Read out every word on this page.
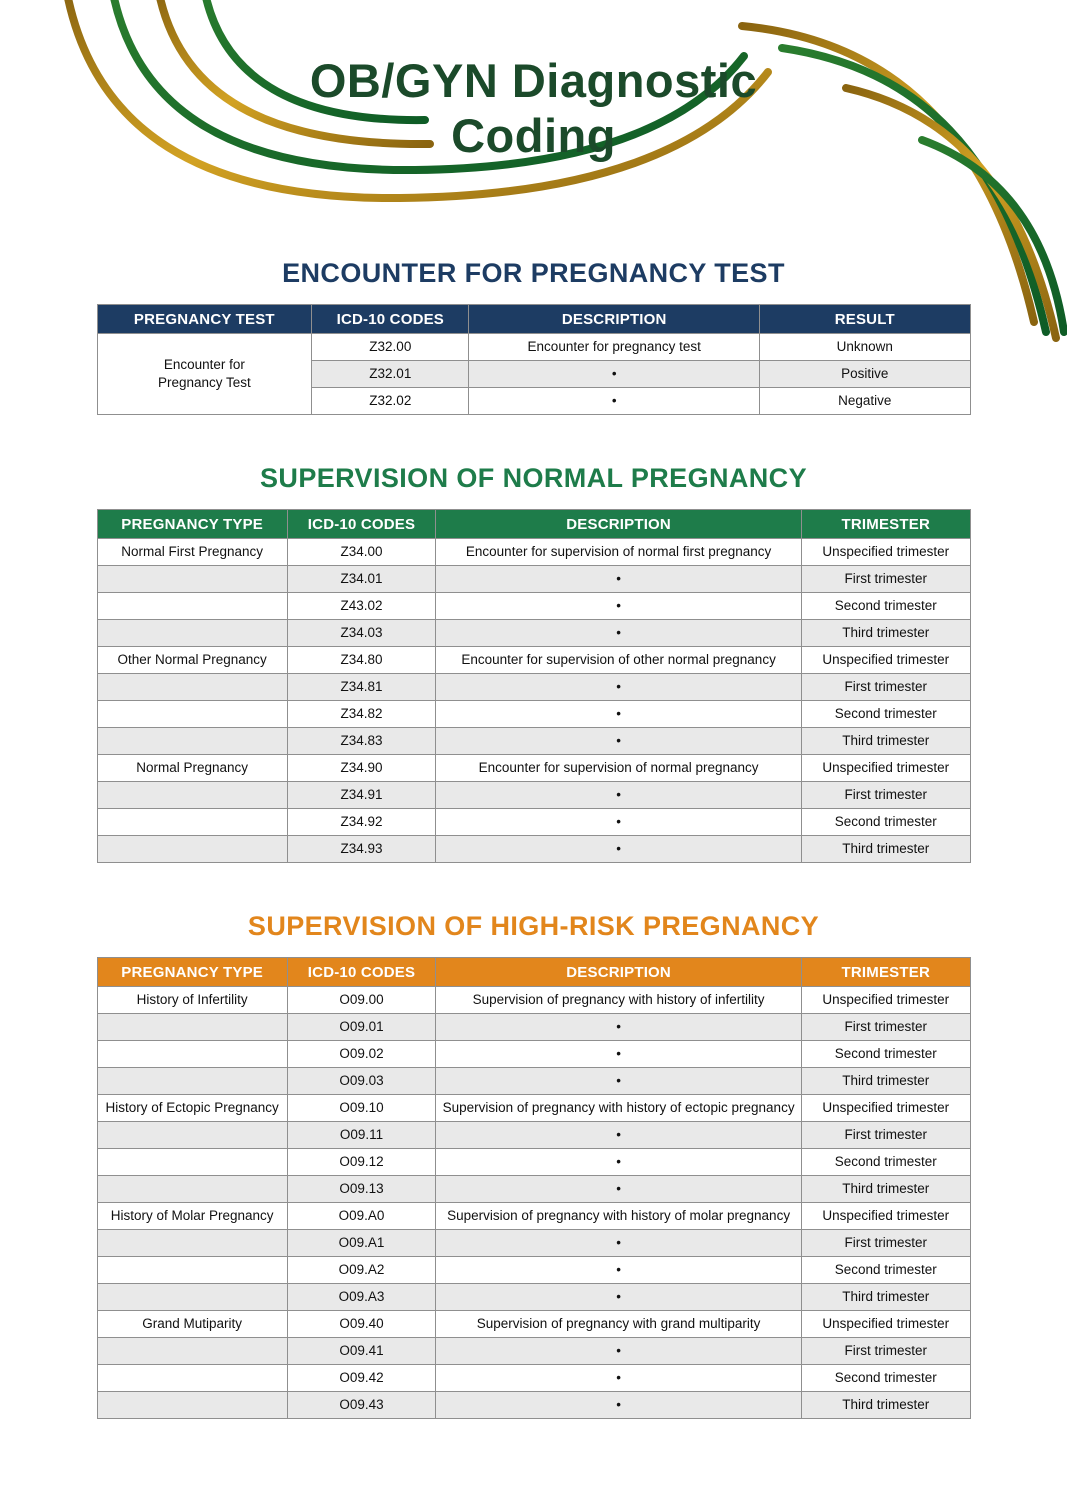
OB/GYN Diagnostic Coding
ENCOUNTER FOR PREGNANCY TEST
PREGNANCY TEST	ICD-10 CODES	DESCRIPTION	RESULT
Encounter for Pregnancy Test	Z32.00	Encounter for pregnancy test	Unknown
	Z32.01	•	Positive
	Z32.02	•	Negative
SUPERVISION OF NORMAL PREGNANCY
PREGNANCY TYPE	ICD-10 CODES	DESCRIPTION	TRIMESTER
Normal First Pregnancy	Z34.00	Encounter for supervision of normal first pregnancy	Unspecified trimester
	Z34.01	•	First trimester
	Z43.02	•	Second trimester
	Z34.03	•	Third trimester
Other Normal Pregnancy	Z34.80	Encounter for supervision of other normal pregnancy	Unspecified trimester
	Z34.81	•	First trimester
	Z34.82	•	Second trimester
	Z34.83	•	Third trimester
Normal Pregnancy	Z34.90	Encounter for supervision of normal pregnancy	Unspecified trimester
	Z34.91	•	First trimester
	Z34.92	•	Second trimester
	Z34.93	•	Third trimester
SUPERVISION OF HIGH-RISK PREGNANCY
PREGNANCY TYPE	ICD-10 CODES	DESCRIPTION	TRIMESTER
History of Infertility	O09.00	Supervision of pregnancy with history of infertility	Unspecified trimester
	O09.01	•	First trimester
	O09.02	•	Second trimester
	O09.03	•	Third trimester
History of Ectopic Pregnancy	O09.10	Supervision of pregnancy with history of ectopic pregnancy	Unspecified trimester
	O09.11	•	First trimester
	O09.12	•	Second trimester
	O09.13	•	Third trimester
History of Molar Pregnancy	O09.A0	Supervision of pregnancy with history of molar pregnancy	Unspecified trimester
	O09.A1	•	First trimester
	O09.A2	•	Second trimester
	O09.A3	•	Third trimester
Grand Mutiparity	O09.40	Supervision of pregnancy with grand multiparity	Unspecified trimester
	O09.41	•	First trimester
	O09.42	•	Second trimester
	O09.43	•	Third trimester
